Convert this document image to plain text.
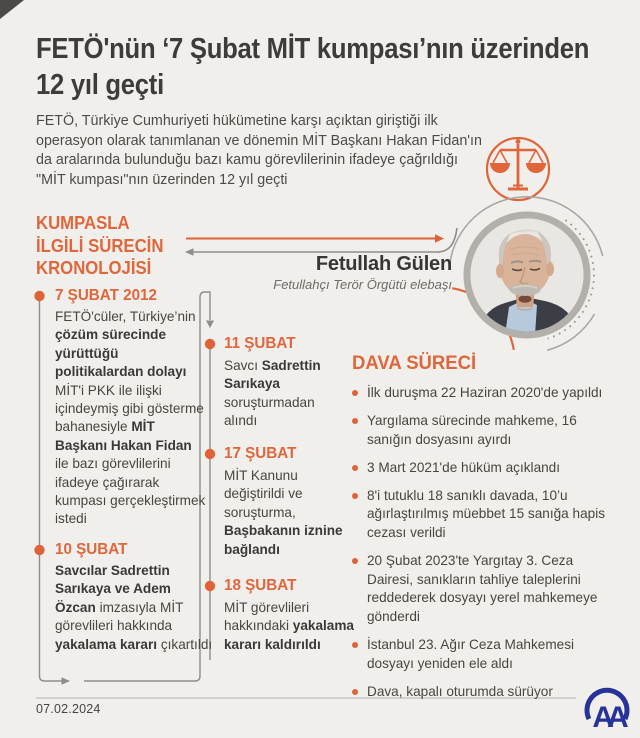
FETÖ'nün ‘7 Şubat MİT kumpası’nın üzerinden 12 yıl geçti

FETÖ, Türkiye Cumhuriyeti hükümetine karşı açıktan giriştiği ilk operasyon olarak tanımlanan ve dönemin MİT Başkanı Hakan Fidan'ın da aralarında bulunduğu bazı kamu görevlilerinin ifadeye çağrıldığı "MİT kumpası"nın üzerinden 12 yıl geçti

KUMPASLA
İLGİLİ SÜRECİN
KRONOLOJİSİ	Fetullah Gülen
Fetullahçı Terör Örgütü elebaşı
7 ŞUBAT 2012
FETÖ'cüler, Türkiye’nin çözüm sürecinde yürüttüğü politikalardan dolayı MİT'i PKK ile ilişki içindeymiş gibi gösterme bahanesiyle MİT Başkanı Hakan Fidan ile bazı görevlilerini ifadeye çağırarak kumpası gerçekleştirmek istedi
10 ŞUBAT
Savcılar Sadrettin Sarıkaya ve Adem Özcan imzasıyla MİT görevlileri hakkında yakalama kararı çıkartıldı
11 ŞUBAT
Savcı Sadrettin Sarıkaya soruşturmadan alındı
17 ŞUBAT
MİT Kanunu değiştirildi ve soruşturma, Başbakanın iznine bağlandı
18 ŞUBAT
MİT görevlileri hakkındaki yakalama kararı kaldırıldı
DAVA SÜRECİ
İlk duruşma 22 Haziran 2020'de yapıldı
Yargılama sürecinde mahkeme, 16 sanığın dosyasını ayırdı
3 Mart 2021'de hüküm açıklandı
8'i tutuklu 18 sanıklı davada, 10’u ağırlaştırılmış müebbet 15 sanığa hapis cezası verildi
20 Şubat 2023'te Yargıtay 3. Ceza Dairesi, sanıkların tahliye taleplerini reddederek dosyayı yerel mahkemeye gönderdi
İstanbul 23. Ağır Ceza Mahkemesi dosyayı yeniden ele aldı
Dava, kapalı oturumda sürüyor
07.02.2024	AA
